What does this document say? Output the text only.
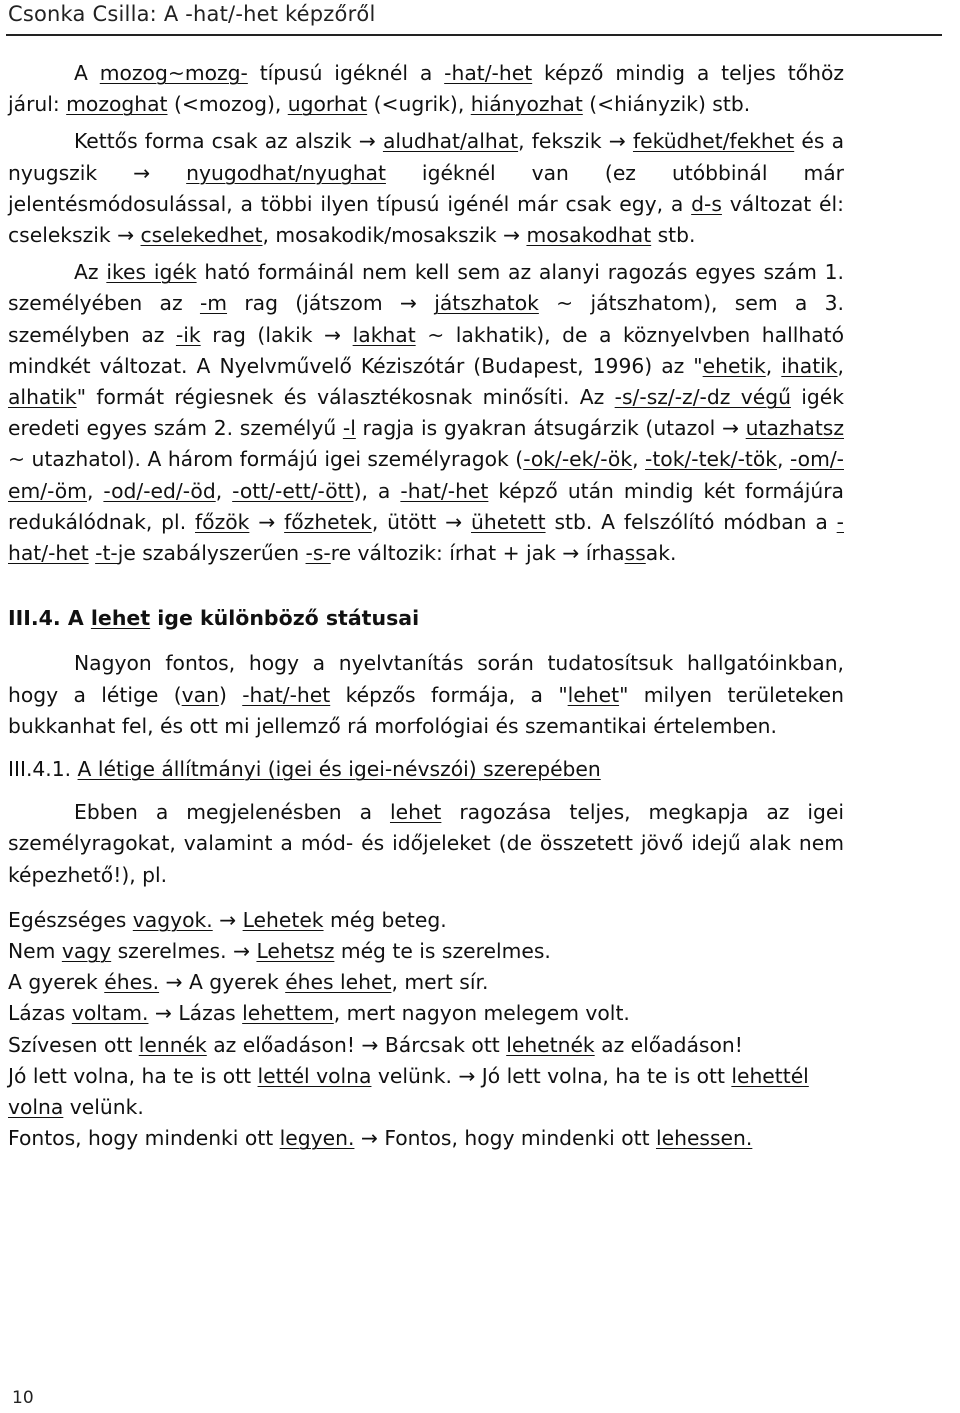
Csonka Csilla: A -hat/-het képzőről

A mozog~mozg- típusú igéknél a -hat/-het képző mindig a teljes tőhöz járul: mozoghat (<mozog), ugorhat (<ugrik), hiányozhat (<hiányzik) stb.

Kettős forma csak az alszik → aludhat/alhat, fekszik → feküdhet/fekhet és a nyugszik → nyugodhat/nyughat igéknél van (ez utóbbinál már jelentésmódosulással, a többi ilyen típusú igénél már csak egy, a d-s változat él: cselekszik → cselekedhet, mosakodik/mosakszik → mosakodhat stb.

Az ikes igék ható formáinál nem kell sem az alanyi ragozás egyes szám 1. személyében az -m rag (játszom → játszhatok ~ játszhatom), sem a 3. személyben az -ik rag (lakik → lakhat ~ lakhatik), de a köznyelvben hallható mindkét változat. A Nyelvművelő Kéziszótár (Budapest, 1996) az "ehetik, ihatik, alhatik" formát régiesnek és választékosnak minősíti. Az -s/-sz/-z/-dz végű igék eredeti egyes szám 2. személyű -l ragja is gyakran átsugárzik (utazol → utazhatsz ~ utazhatol). A három formájú igei személyragok (-ok/-ek/-ök, -tok/-tek/-tök, -om/-em/-öm, -od/-ed/-öd, -ott/-ett/-ött), a -hat/-het képző után mindig két formájúra redukálódnak, pl. főzök → főzhetek, ütött → ühetett stb. A felszólító módban a -hat/-het -t-je szabályszerűen -s-re változik: írhat + jak → írhassak.

III.4. A lehet ige különböző státusai

Nagyon fontos, hogy a nyelvtanítás során tudatosítsuk hallgatóinkban, hogy a létige (van) -hat/-het képzős formája, a "lehet" milyen területeken bukkanhat fel, és ott mi jellemző rá morfológiai és szemantikai értelemben.

III.4.1. A létige állítmányi (igei és igei-névszói) szerepében

Ebben a megjelenésben a lehet ragozása teljes, megkapja az igei személyragokat, valamint a mód- és időjeleket (de összetett jövő idejű alak nem képezhető!), pl.

Egészséges vagyok. → Lehetek még beteg.

Nem vagy szerelmes. → Lehetsz még te is szerelmes.

A gyerek éhes. → A gyerek éhes lehet, mert sír.

Lázas voltam. → Lázas lehettem, mert nagyon melegem volt.

Szívesen ott lennék az előadáson! → Bárcsak ott lehetnék az előadáson!

Jó lett volna, ha te is ott lettél volna velünk. → Jó lett volna, ha te is ott lehettél volna velünk.

Fontos, hogy mindenki ott legyen. → Fontos, hogy mindenki ott lehessen.

10
